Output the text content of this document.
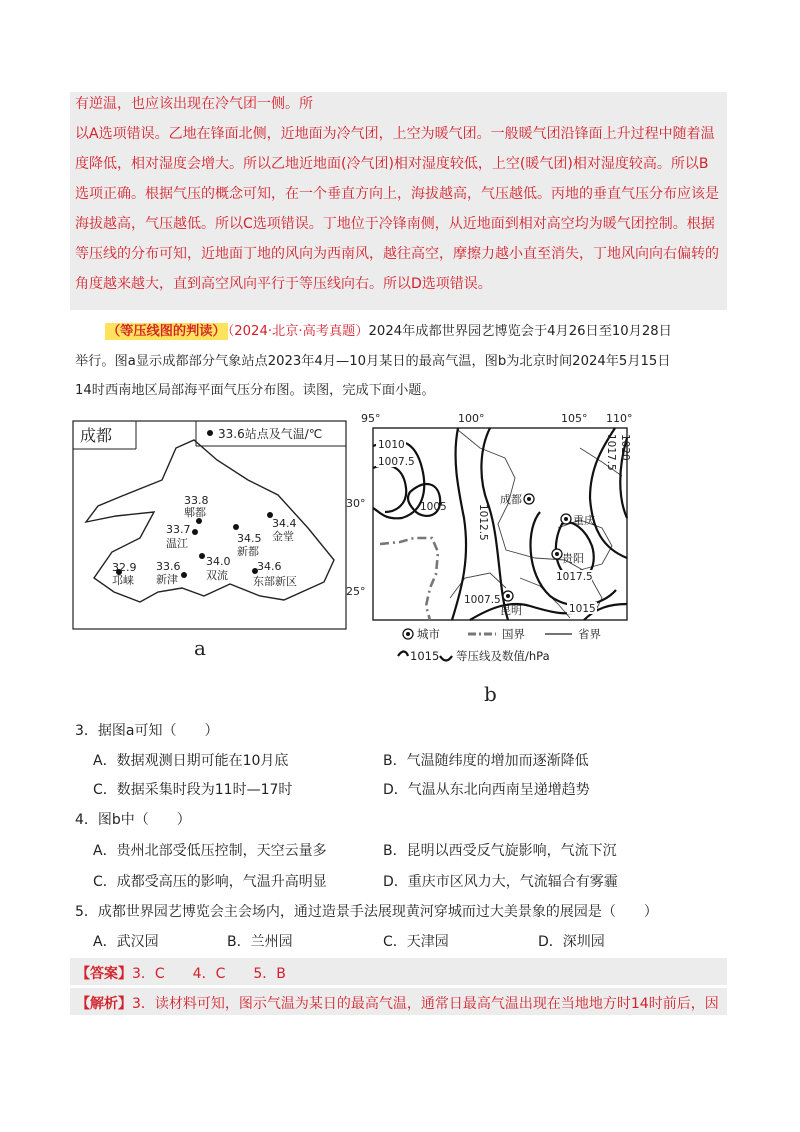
有逆温，也应该出现在冷气团一侧。所
以A选项错误。乙地在锋面北侧，近地面为冷气团，上空为暖气团。一般暖气团沿锋面上升过程中随着温
度降低，相对湿度会增大。所以乙地近地面(冷气团)相对湿度较低，上空(暖气团)相对湿度较高。所以B
选项正确。根据气压的概念可知，在一个垂直方向上，海拔越高，气压越低。丙地的垂直气压分布应该是
海拔越高，气压越低。所以C选项错误。丁地位于冷锋南侧，从近地面到相对高空均为暖气团控制。根据
等压线的分布可知，近地面丁地的风向为西南风，越往高空，摩擦力越小直至消失，丁地风向向右偏转的
角度越来越大，直到高空风向平行于等压线向右。所以D选项错误。
（等压线图的判读） （2024·北京·高考真题）2024年成都世界园艺博览会于4月26日至10月28日
举行。图a显示成都部分气象站点2023年4月—10月某日的最高气温，图b为北京时间2024年5月15日
14时西南地区局部海平面气压分布图。读图，完成下面小题。
成都	33.6站点及气温/℃
33.8
郫都
33.7
温江	34.5
新都
34.4
金堂
32.9
邛崃
33.6
新津
34.0
双流
34.6
东部新区
a
95°	100°	105° 110°
30°
25°
1010
1007.5
1005	1012.5
1017.5 1020
1017.5
1007.5
1015
成都
重庆
贵阳
昆明
城市	国界	省界
1015 等压线及数值/hPa
b
3．据图a可知（　　）
A．数据观测日期可能在10月底	B．气温随纬度的增加而逐渐降低
C．数据采集时段为11时—17时	D．气温从东北向西南呈递增趋势
4．图b中（　　）
A．贵州北部受低压控制，天空云量多	B．昆明以西受反气旋影响，气流下沉
C．成都受高压的影响，气温升高明显	D．重庆市区风力大，气流辐合有雾霾
5．成都世界园艺博览会主会场内，通过造景手法展现黄河穿城而过大美景象的展园是（　　）
A．武汉园	B．兰州园	C．天津园	D．深圳园
【答案】3．C　　4．C　　5．B
【解析】3．读材料可知，图示气温为某日的最高气温，通常日最高气温出现在当地地方时14时前后，因
